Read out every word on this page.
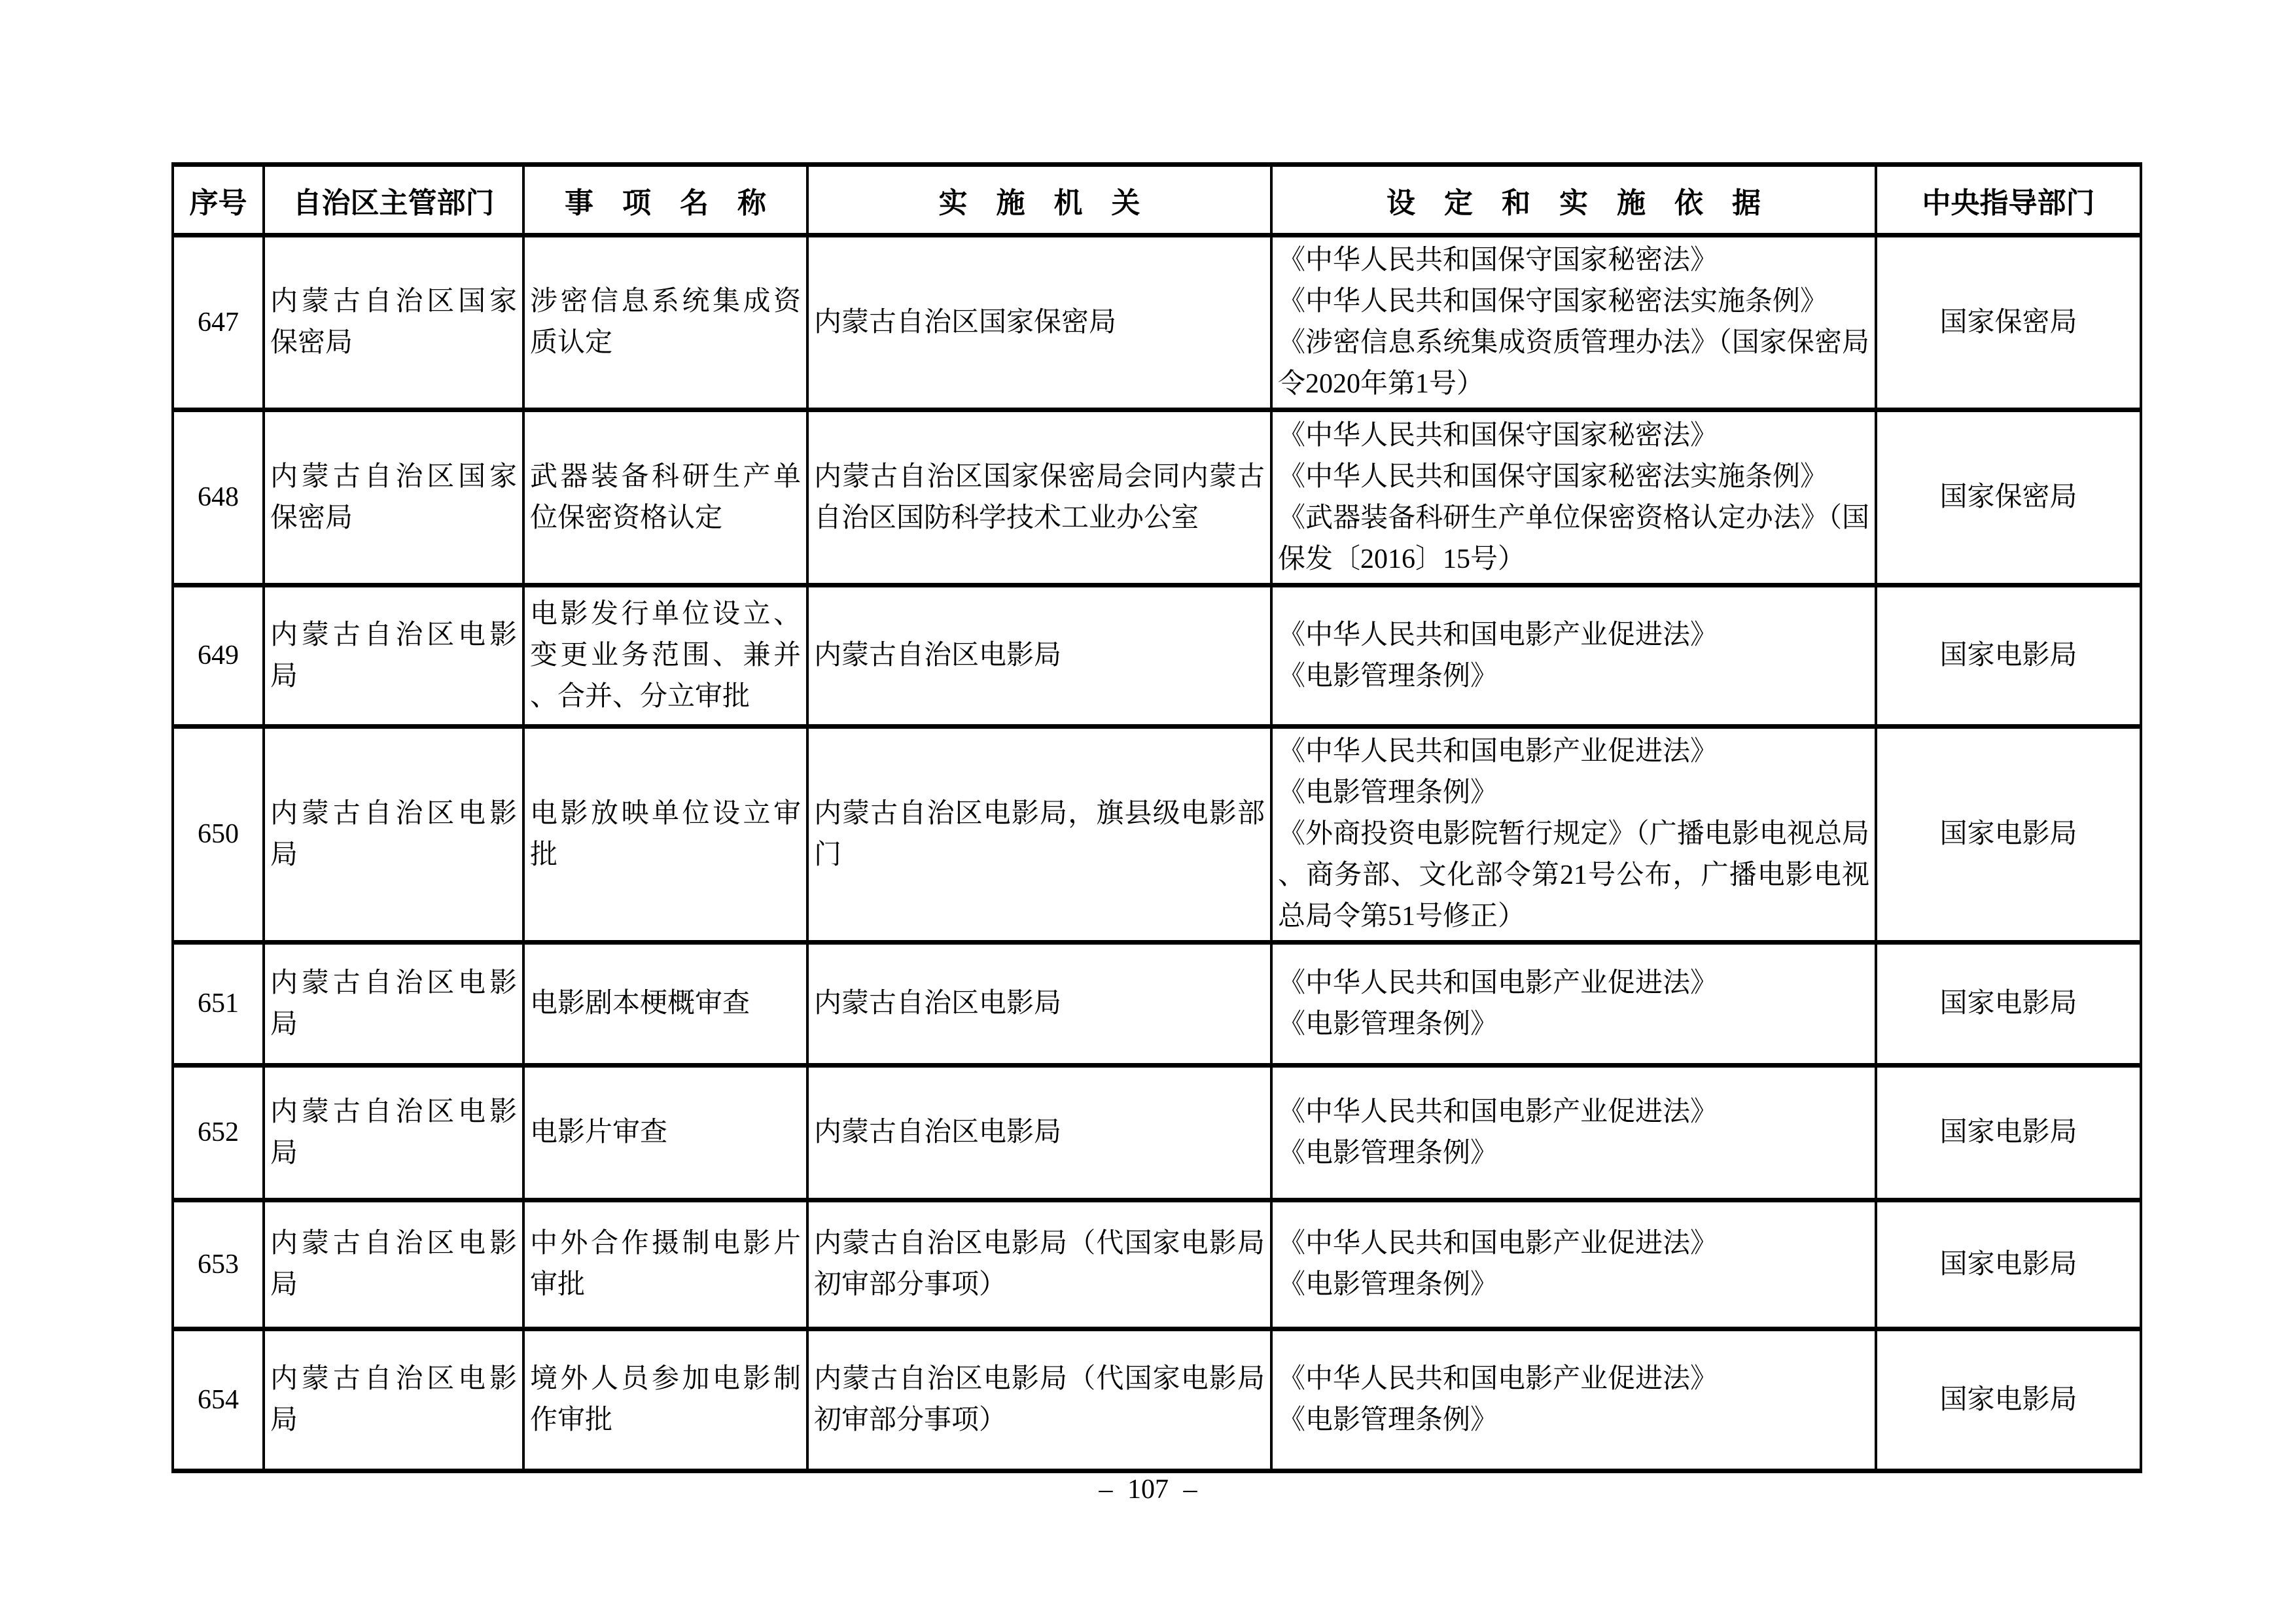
序号	自治区主管部门	事　项　名　称	实　施　机　关	设　定　和　实　施　依　据	中央指导部门
647	内蒙古自治区国家保密局	涉密信息系统集成资质认定	内蒙古自治区国家保密局	《中华人民共和国保守国家秘密法》
《中华人民共和国保守国家秘密法实施条例》
《涉密信息系统集成资质管理办法》（国家保密局令2020年第1号）	国家保密局
648	内蒙古自治区国家保密局	武器装备科研生产单位保密资格认定	内蒙古自治区国家保密局会同内蒙古自治区国防科学技术工业办公室	《中华人民共和国保守国家秘密法》
《中华人民共和国保守国家秘密法实施条例》
《武器装备科研生产单位保密资格认定办法》（国保发〔2016〕15号）	国家保密局
649	内蒙古自治区电影局	电影发行单位设立、变更业务范围、兼并、合并、分立审批	内蒙古自治区电影局	《中华人民共和国电影产业促进法》
《电影管理条例》	国家电影局
650	内蒙古自治区电影局	电影放映单位设立审批	内蒙古自治区电影局，旗县级电影部门	《中华人民共和国电影产业促进法》
《电影管理条例》
《外商投资电影院暂行规定》（广播电影电视总局、商务部、文化部令第21号公布，广播电影电视总局令第51号修正）	国家电影局
651	内蒙古自治区电影局	电影剧本梗概审查	内蒙古自治区电影局	《中华人民共和国电影产业促进法》
《电影管理条例》	国家电影局
652	内蒙古自治区电影局	电影片审查	内蒙古自治区电影局	《中华人民共和国电影产业促进法》
《电影管理条例》	国家电影局
653	内蒙古自治区电影局	中外合作摄制电影片审批	内蒙古自治区电影局（代国家电影局初审部分事项）	《中华人民共和国电影产业促进法》
《电影管理条例》	国家电影局
654	内蒙古自治区电影局	境外人员参加电影制作审批	内蒙古自治区电影局（代国家电影局初审部分事项）	《中华人民共和国电影产业促进法》
《电影管理条例》	国家电影局
– 107 –
